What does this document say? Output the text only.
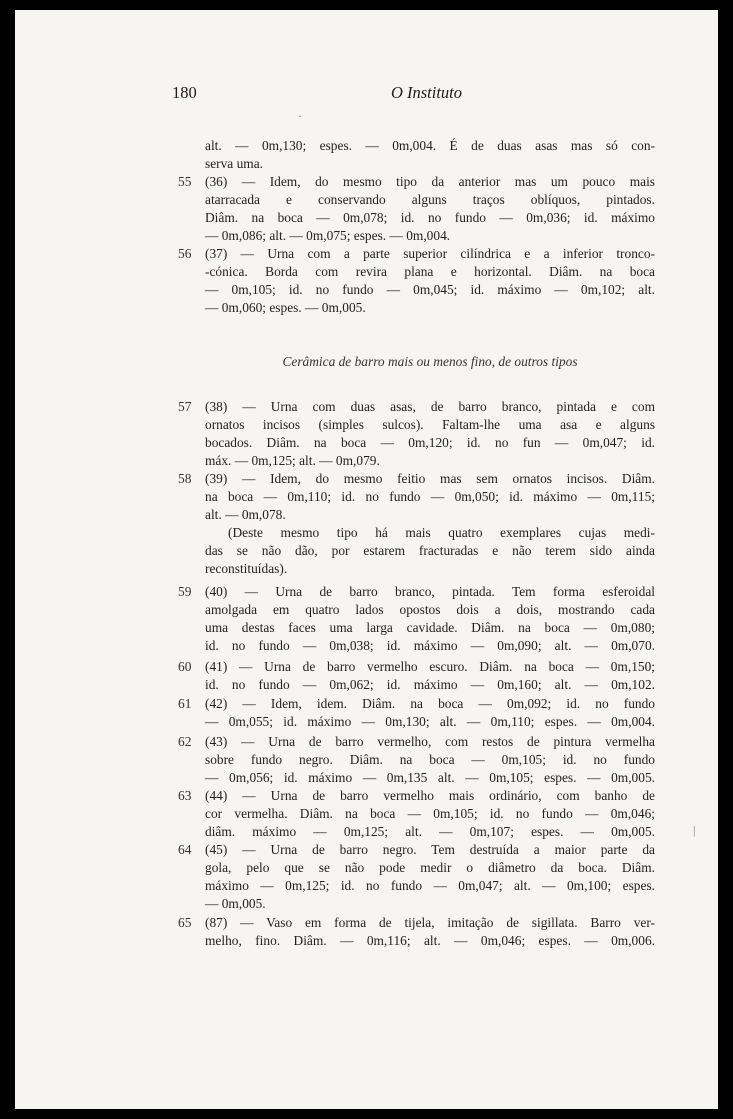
180	O Instituto
alt. — 0m,130; espes. — 0m,004. É de duas asas mas só con-
serva uma.
55 (36) — Idem, do mesmo tipo da anterior mas um pouco mais
atarracada e conservando alguns traços oblíquos, pintados.
Diâm. na boca — 0m,078; id. no fundo — 0m,036; id. máximo
— 0m,086; alt. — 0m,075; espes. — 0m,004.
56 (37) — Urna com a parte superior cilíndrica e a inferior tronco-
-cónica. Borda com revira plana e horizontal. Diâm. na boca
— 0m,105; id. no fundo — 0m,045; id. máximo — 0m,102; alt.
— 0m,060; espes. — 0m,005.
Cerâmica de barro mais ou menos fino, de outros tipos
57 (38) — Urna com duas asas, de barro branco, pintada e com
ornatos incisos (simples sulcos). Faltam-lhe uma asa e alguns
bocados. Diâm. na boca — 0m,120; id. no fun — 0m,047; id.
máx. — 0m,125; alt. — 0m,079.
58 (39) — Idem, do mesmo feitio mas sem ornatos incisos. Diâm.
na boca — 0m,110; id. no fundo — 0m,050; id. máximo — 0m,115;
alt. — 0m,078.
(Deste mesmo tipo há mais quatro exemplares cujas medi-
das se não dão, por estarem fracturadas e não terem sido ainda
reconstituídas).
59 (40) — Urna de barro branco, pintada. Tem forma esferoidal
amolgada em quatro lados opostos dois a dois, mostrando cada
uma destas faces uma larga cavidade. Diâm. na boca — 0m,080;
id. no fundo — 0m,038; id. máximo — 0m,090; alt. — 0m,070.
60 (41) — Urna de barro vermelho escuro. Diâm. na boca — 0m,150;
id. no fundo — 0m,062; id. máximo — 0m,160; alt. — 0m,102.
61 (42) — Idem, idem. Diâm. na boca — 0m,092; id. no fundo
— 0m,055; id. máximo — 0m,130; alt. — 0m,110; espes. — 0m,004.
62 (43) — Urna de barro vermelho, com restos de pintura vermelha
sobre fundo negro. Diâm. na boca — 0m,105; id. no fundo
— 0m,056; id. máximo — 0m,135 alt. — 0m,105; espes. — 0m,005.
63 (44) — Urna de barro vermelho mais ordinário, com banho de
cor vermelha. Diâm. na boca — 0m,105; id. no fundo — 0m,046;
diâm. máximo — 0m,125; alt. — 0m,107; espes. — 0m,005.
64 (45) — Urna de barro negro. Tem destruída a maior parte da
gola, pelo que se não pode medir o diâmetro da boca. Diâm.
máximo — 0m,125; id. no fundo — 0m,047; alt. — 0m,100; espes.
— 0m,005.
65 (87) — Vaso em forma de tijela, imitação de sigillata. Barro ver-
melho, fino. Diâm. — 0m,116; alt. — 0m,046; espes. — 0m,006.
·
|
